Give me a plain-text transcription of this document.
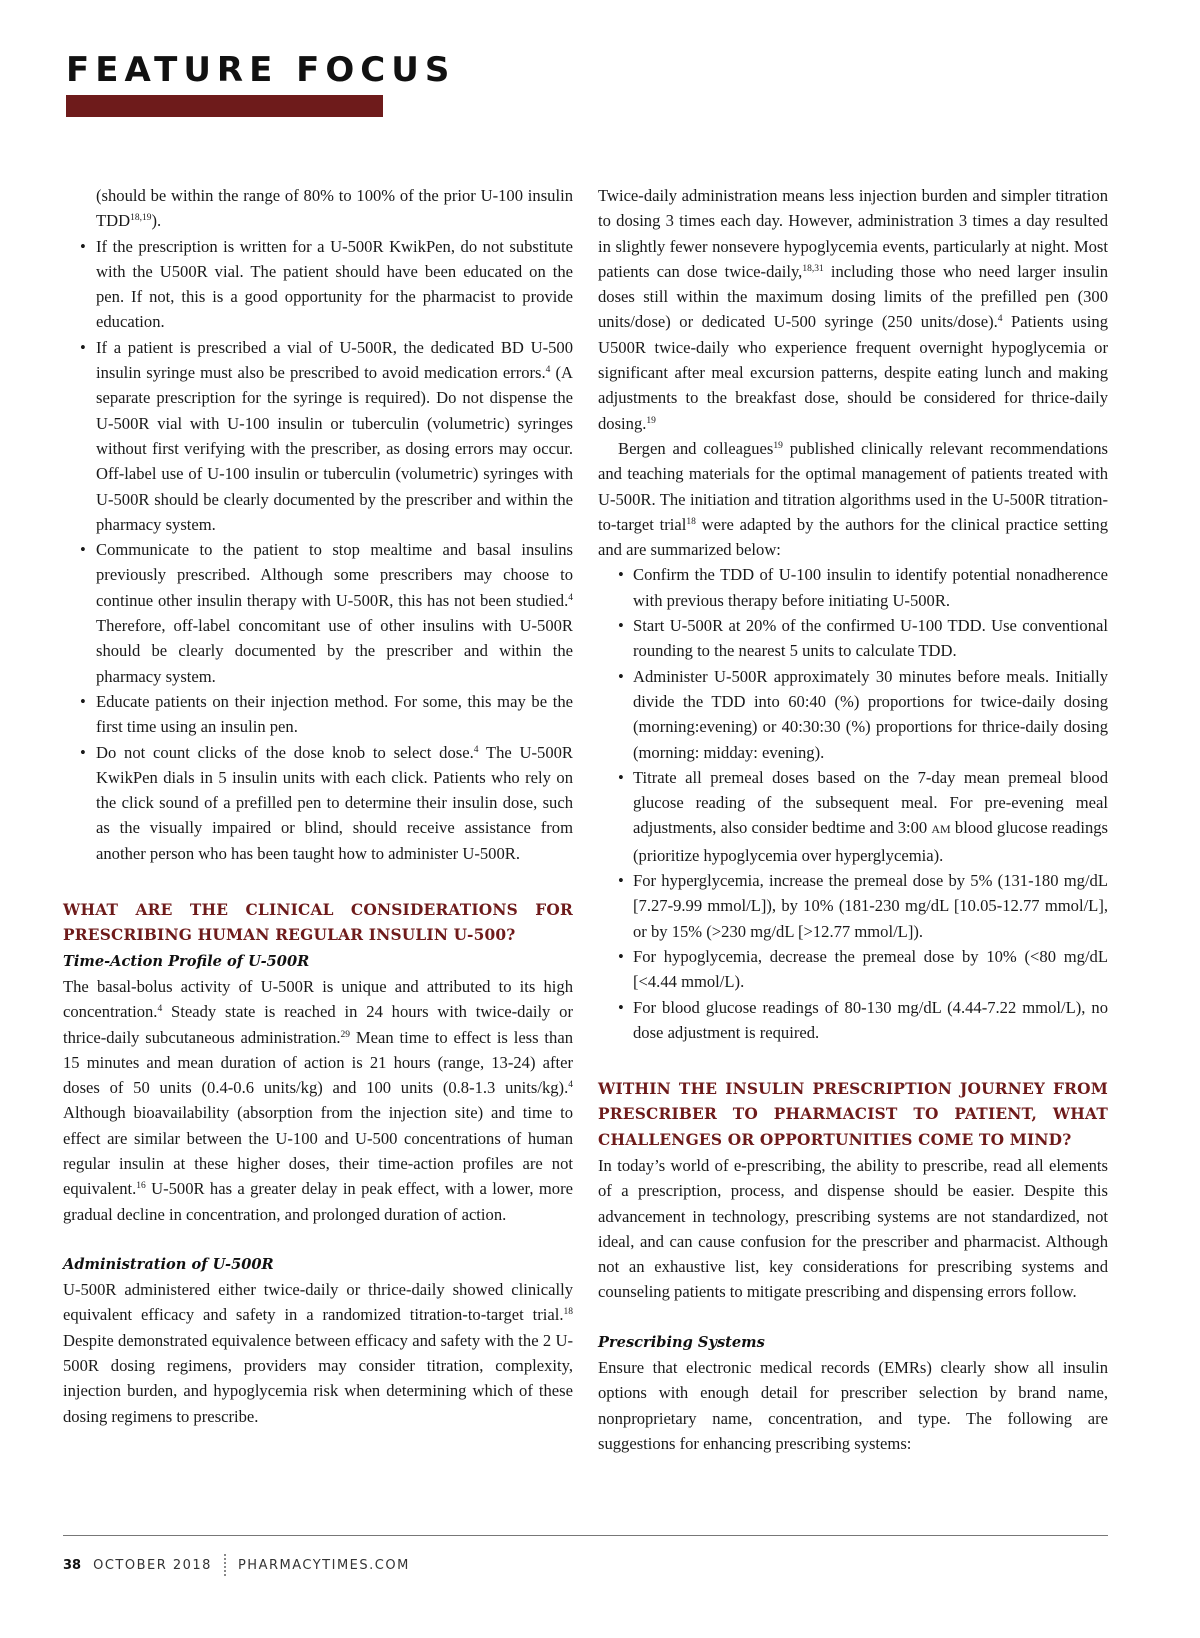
FEATURE FOCUS

(should be within the range of 80% to 100% of the prior U-100 insulin TDD$^{18,19}$).

• If the prescription is written for a U-500R KwikPen, do not substitute with the U500R vial. The patient should have been educated on the pen. If not, this is a good opportunity for the pharmacist to provide education.
• If a patient is prescribed a vial of U-500R, the dedicated BD U-500 insulin syringe must also be prescribed to avoid medication errors.$^4$ (A separate prescription for the syringe is required). Do not dispense the U-500R vial with U-100 insulin or tuberculin (volumetric) syringes without first verifying with the prescriber, as dosing errors may occur. Off-label use of U-100 insulin or tuberculin (volumetric) syringes with U-500R should be clearly documented by the prescriber and within the pharmacy system.
• Communicate to the patient to stop mealtime and basal insulins previously prescribed. Although some prescribers may choose to continue other insulin therapy with U-500R, this has not been studied.$^4$ Therefore, off-label concomitant use of other insulins with U-500R should be clearly documented by the prescriber and within the pharmacy system.
• Educate patients on their injection method. For some, this may be the first time using an insulin pen.
• Do not count clicks of the dose knob to select dose.$^4$ The U-500R KwikPen dials in 5 insulin units with each click. Patients who rely on the click sound of a prefilled pen to determine their insulin dose, such as the visually impaired or blind, should receive assistance from another person who has been taught how to administer U-500R.
WHAT ARE THE CLINICAL CONSIDERATIONS FOR PRESCRIBING HUMAN REGULAR INSULIN U-500?
Time-Action Profile of U-500R

The basal-bolus activity of U-500R is unique and attributed to its high concentration.$^4$ Steady state is reached in 24 hours with twice-daily or thrice-daily subcutaneous administration.$^{29}$ Mean time to effect is less than 15 minutes and mean duration of action is 21 hours (range, 13-24) after doses of 50 units (0.4-0.6 units/kg) and 100 units (0.8-1.3 units/kg).$^4$ Although bioavailability (absorption from the injection site) and time to effect are similar between the U-100 and U-500 concentrations of human regular insulin at these higher doses, their time-action profiles are not equivalent.$^{16}$ U-500R has a greater delay in peak effect, with a lower, more gradual decline in concentration, and prolonged duration of action.

Administration of U-500R

U-500R administered either twice-daily or thrice-daily showed clinically equivalent efficacy and safety in a randomized titration-to-target trial.$^{18}$ Despite demonstrated equivalence between efficacy and safety with the 2 U-500R dosing regimens, providers may consider titration, complexity, injection burden, and hypoglycemia risk when determining which of these dosing regimens to prescribe.

Twice-daily administration means less injection burden and simpler titration to dosing 3 times each day. However, administration 3 times a day resulted in slightly fewer nonsevere hypoglycemia events, particularly at night. Most patients can dose twice-daily,$^{18,31}$ including those who need larger insulin doses still within the maximum dosing limits of the prefilled pen (300 units/dose) or dedicated U-500 syringe (250 units/dose).$^4$ Patients using U500R twice-daily who experience frequent overnight hypoglycemia or significant after meal excursion patterns, despite eating lunch and making adjustments to the breakfast dose, should be considered for thrice-daily dosing.$^{19}$

Bergen and colleagues$^{19}$ published clinically relevant recommendations and teaching materials for the optimal management of patients treated with U-500R. The initiation and titration algorithms used in the U-500R titration-to-target trial$^{18}$ were adapted by the authors for the clinical practice setting and are summarized below:

• Confirm the TDD of U-100 insulin to identify potential nonadherence with previous therapy before initiating U-500R.
• Start U-500R at 20% of the confirmed U-100 TDD. Use conventional rounding to the nearest 5 units to calculate TDD.
• Administer U-500R approximately 30 minutes before meals. Initially divide the TDD into 60:40 (%) proportions for twice-daily dosing (morning:evening) or 40:30:30 (%) proportions for thrice-daily dosing (morning: midday: evening).
• Titrate all premeal doses based on the 7-day mean premeal blood glucose reading of the subsequent meal. For pre-evening meal adjustments, also consider bedtime and 3:00 AM blood glucose readings (prioritize hypoglycemia over hyperglycemia).
• For hyperglycemia, increase the premeal dose by 5% (131-180 mg/dL [7.27-9.99 mmol/L]), by 10% (181-230 mg/dL [10.05-12.77 mmol/L], or by 15% (>230 mg/dL [>12.77 mmol/L]).
• For hypoglycemia, decrease the premeal dose by 10% (<80 mg/dL [<4.44 mmol/L).
• For blood glucose readings of 80-130 mg/dL (4.44-7.22 mmol/L), no dose adjustment is required.
WITHIN THE INSULIN PRESCRIPTION JOURNEY FROM PRESCRIBER TO PHARMACIST TO PATIENT, WHAT CHALLENGES OR OPPORTUNITIES COME TO MIND?

In today’s world of e-prescribing, the ability to prescribe, read all elements of a prescription, process, and dispense should be easier. Despite this advancement in technology, prescribing systems are not standardized, not ideal, and can cause confusion for the prescriber and pharmacist. Although not an exhaustive list, key considerations for prescribing systems and counseling patients to mitigate prescribing and dispensing errors follow.

Prescribing Systems

Ensure that electronic medical records (EMRs) clearly show all insulin options with enough detail for prescriber selection by brand name, nonproprietary name, concentration, and type. The following are suggestions for enhancing prescribing systems:

38 OCTOBER 2018 PHARMACYTIMES.COM
